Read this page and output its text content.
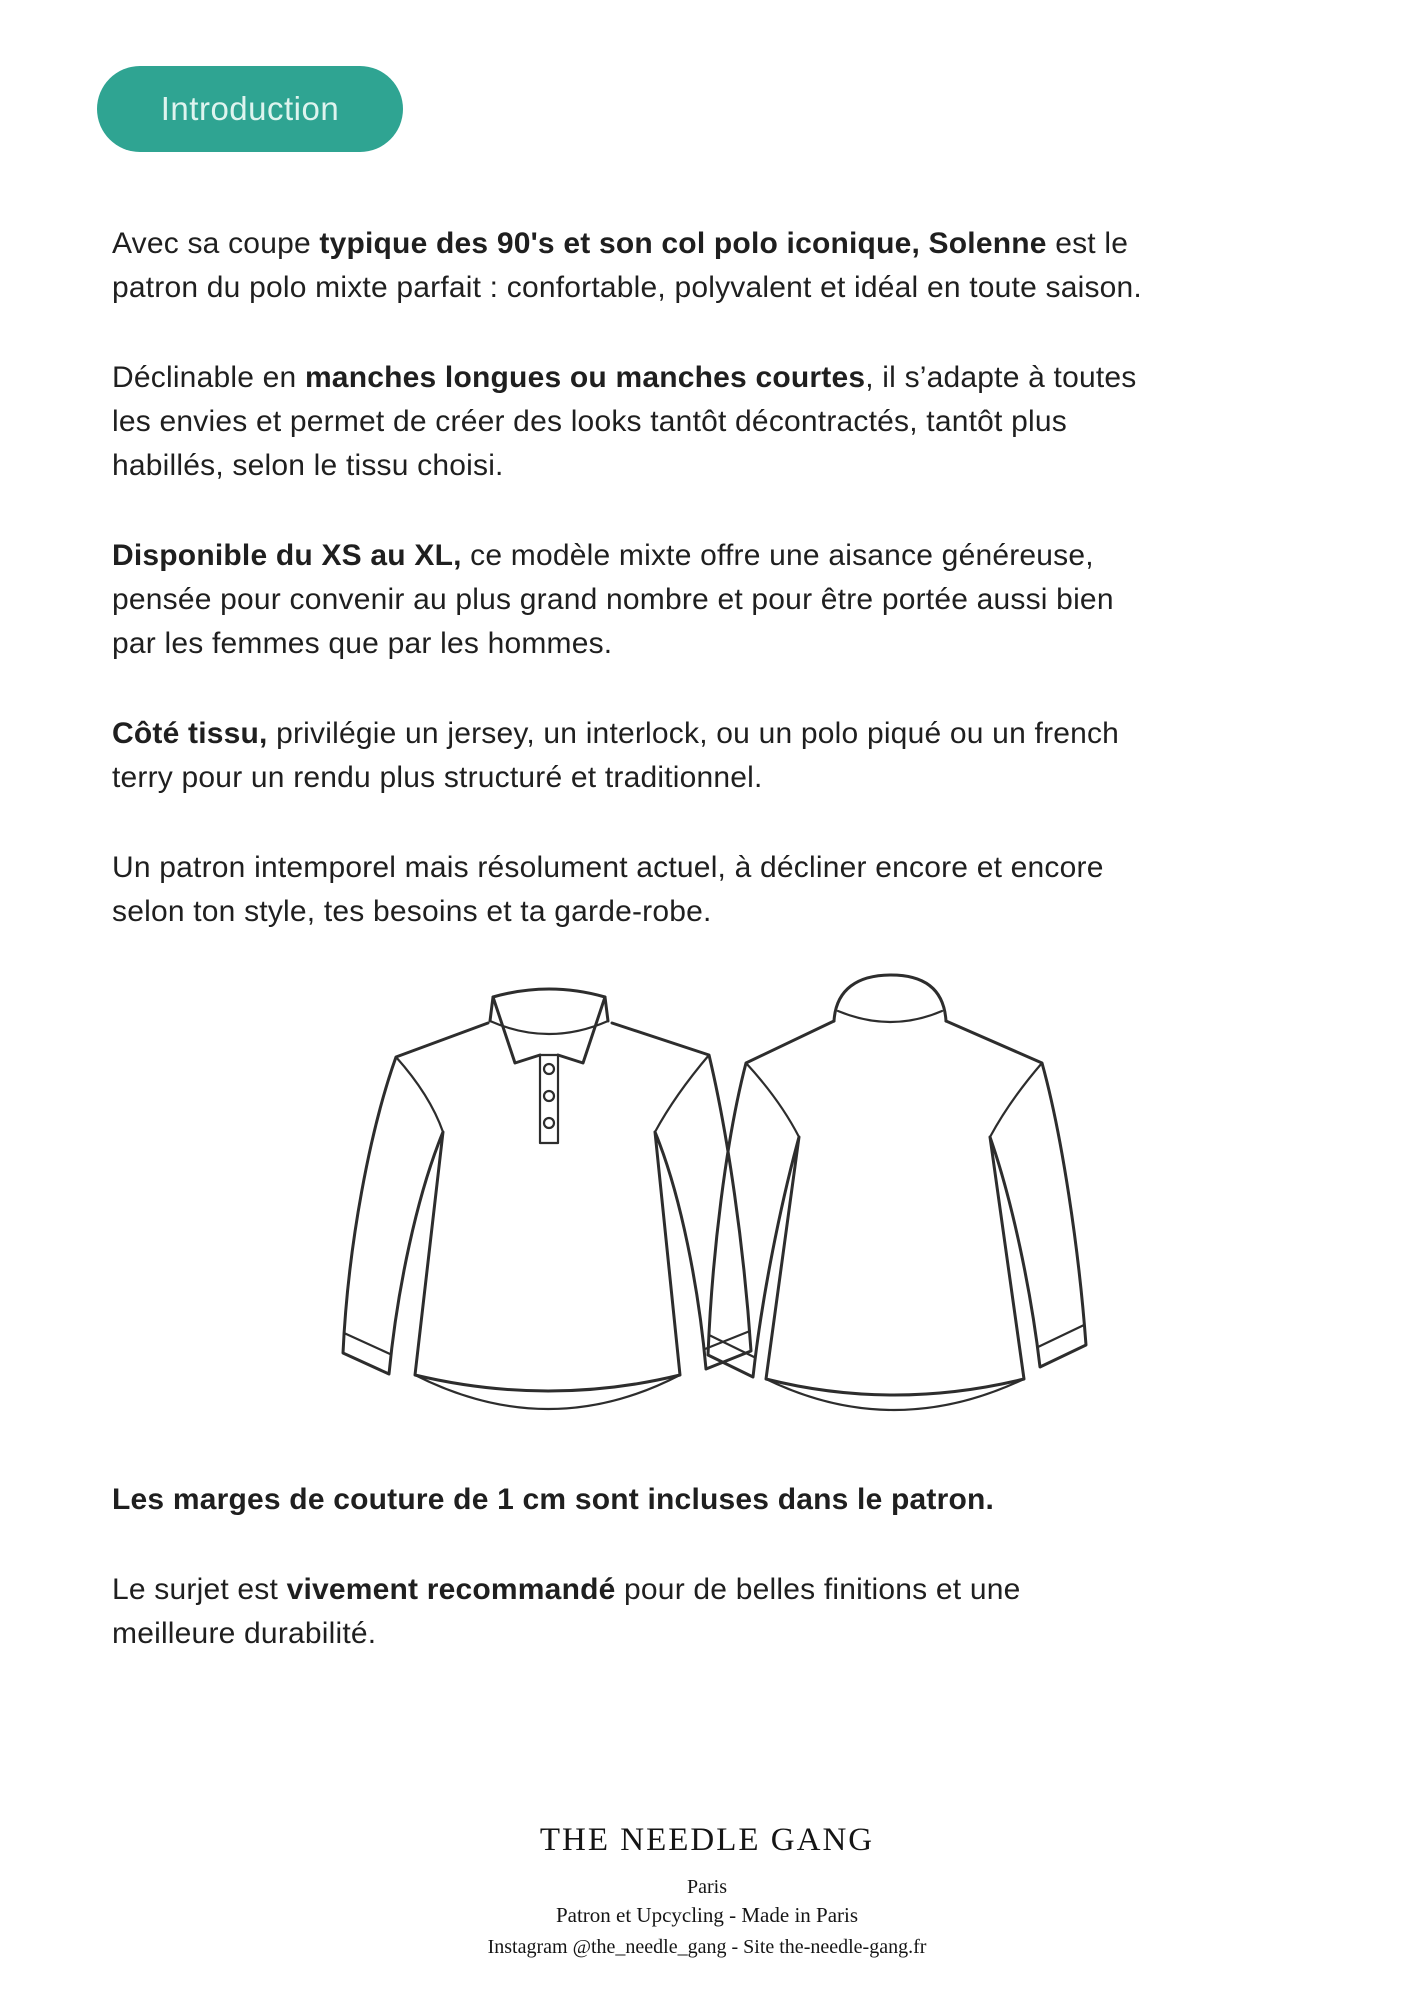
Introduction

Avec sa coupe typique des 90's et son col polo iconique, Solenne est le
patron du polo mixte parfait : confortable, polyvalent et idéal en toute saison.

Déclinable en manches longues ou manches courtes, il s’adapte à toutes
les envies et permet de créer des looks tantôt décontractés, tantôt plus
habillés, selon le tissu choisi.

Disponible du XS au XL, ce modèle mixte offre une aisance généreuse,
pensée pour convenir au plus grand nombre et pour être portée aussi bien
par les femmes que par les hommes.

Côté tissu, privilégie un jersey, un interlock, ou un polo piqué ou un french
terry pour un rendu plus structuré et traditionnel.

Un patron intemporel mais résolument actuel, à décliner encore et encore
selon ton style, tes besoins et ta garde-robe.

Les marges de couture de 1 cm sont incluses dans le patron.

Le surjet est vivement recommandé pour de belles finitions et une
meilleure durabilité.

THE NEEDLE GANG
Paris
Patron et Upcycling - Made in Paris
Instagram @the_needle_gang - Site the-needle-gang.fr
